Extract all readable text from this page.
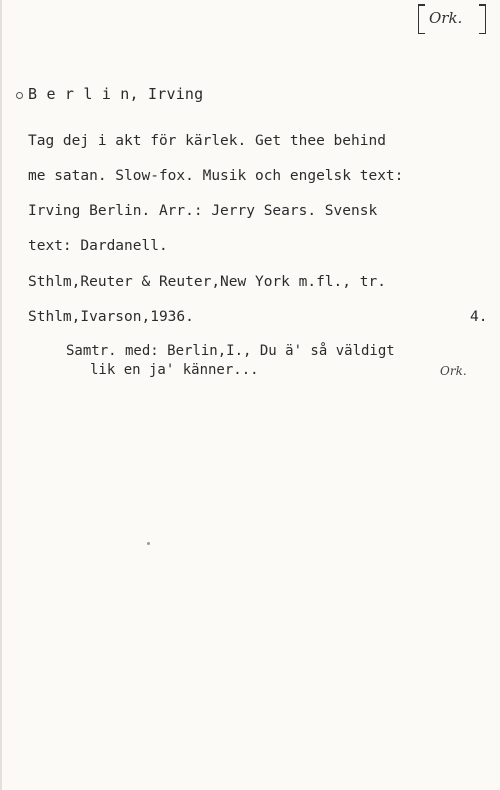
Ork.
B e r l i n, Irving
Tag dej i akt för kärlek. Get thee behind
me satan. Slow-fox. Musik och engelsk text:
Irving Berlin. Arr.: Jerry Sears. Svensk
text: Dardanell.
Sthlm,Reuter & Reuter,New York m.fl., tr.
Sthlm,Ivarson,1936.	4.
Samtr. med: Berlin,I., Du ä' så väldigt
lik en ja' känner...	Ork.
